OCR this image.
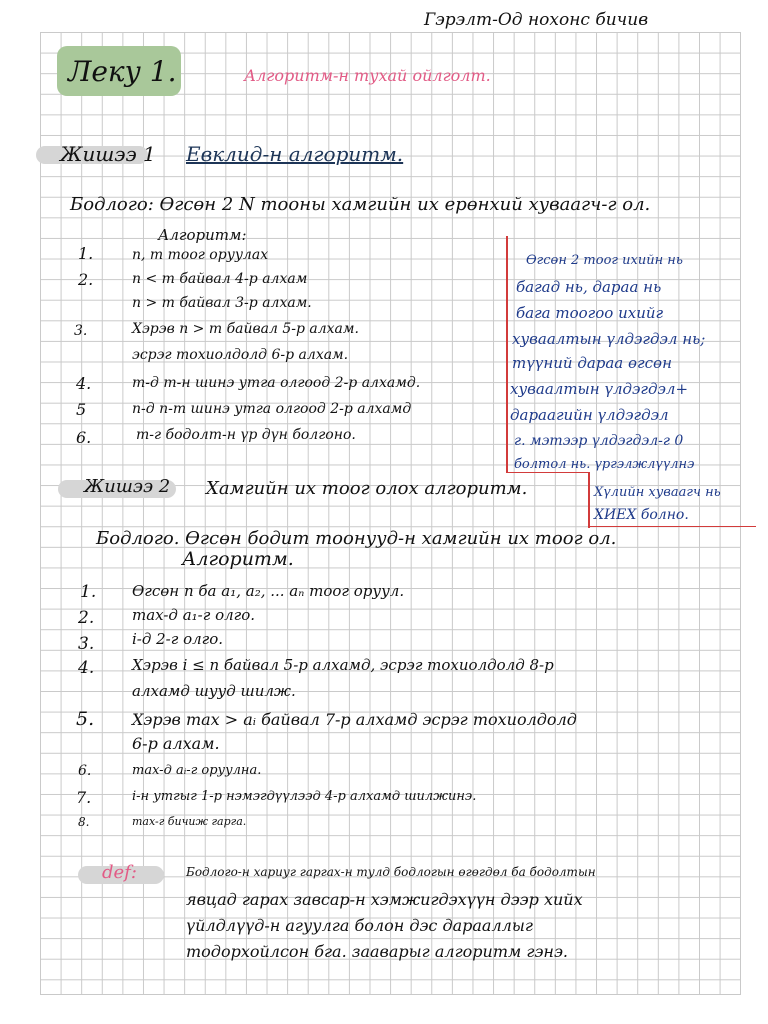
Гэрэлт-Од нохонс бичив
Леку 1.	Алгоритм-н тухай ойлголт.
Жишээ 1 Евклид-н алгоритм.
Бодлого: Өгсөн 2 N тооны хамгийн их ерөнхий хуваагч-г ол.
Алгоритм:
1.	n, m тоог оруулах
2.	n < m байвал 4-р алхам
n > m байвал 3-р алхам.
3.	Хэрэв n > m байвал 5-р алхам.
эсрэг тохиолдолд 6-р алхам.
4.	m-д m-н шинэ утга олгоод 2-р алхамд.
5	n-д n-m шинэ утга олгоод 2-р алхамд
6.	m-г бодолт-н үр дүн болгоно.
Өгсөн 2 тоог ихийн нь
багад нь, дараа нь
бага тоогоо ихийг
хуваалтын үлдэгдэл нь;
түүний дараа өгсөн
хуваалтын үлдэгдэл+
дараагийн үлдэгдэл
г. мэтээр үлдэгдэл-г 0
болтол нь. үргэлжлүүлнэ
Хүлийн хуваагч нь
ХИЕХ болно.
Жишээ 2 Хамгийн их тоог олох алгоритм.
Бодлого. Өгсөн бодит тоонууд-н хамгийн их тоог ол.
Алгоритм.
1. Өгсөн n ба a₁, a₂, ... aₙ тоог оруул.
2.	max-д a₁-г олго.
3.	i-д 2-г олго.
4.	Хэрэв i ≤ n байвал 5-р алхамд, эсрэг тохиолдолд 8-р
алхамд шууд шилж.
5. Хэрэв max > aᵢ байвал 7-р алхамд эсрэг тохиолдолд
6-р алхам.
6.	max-д aᵢ-г оруулна.
7.	i-н утгыг 1-р нэмэгдүүлээд 4-р алхамд шилжинэ.
8.	max-г бичиж гарга.
def:	Бодлого-н хариуг гаргах-н тулд бодлогын өгөгдөл ба бодолтын
явцад гарах завсар-н хэмжигдэхүүн дээр хийх
үйлдлүүд-н агуулга болон дэс дарааллыг
тодорхойлсон бга. зааварыг алгоритм гэнэ.
